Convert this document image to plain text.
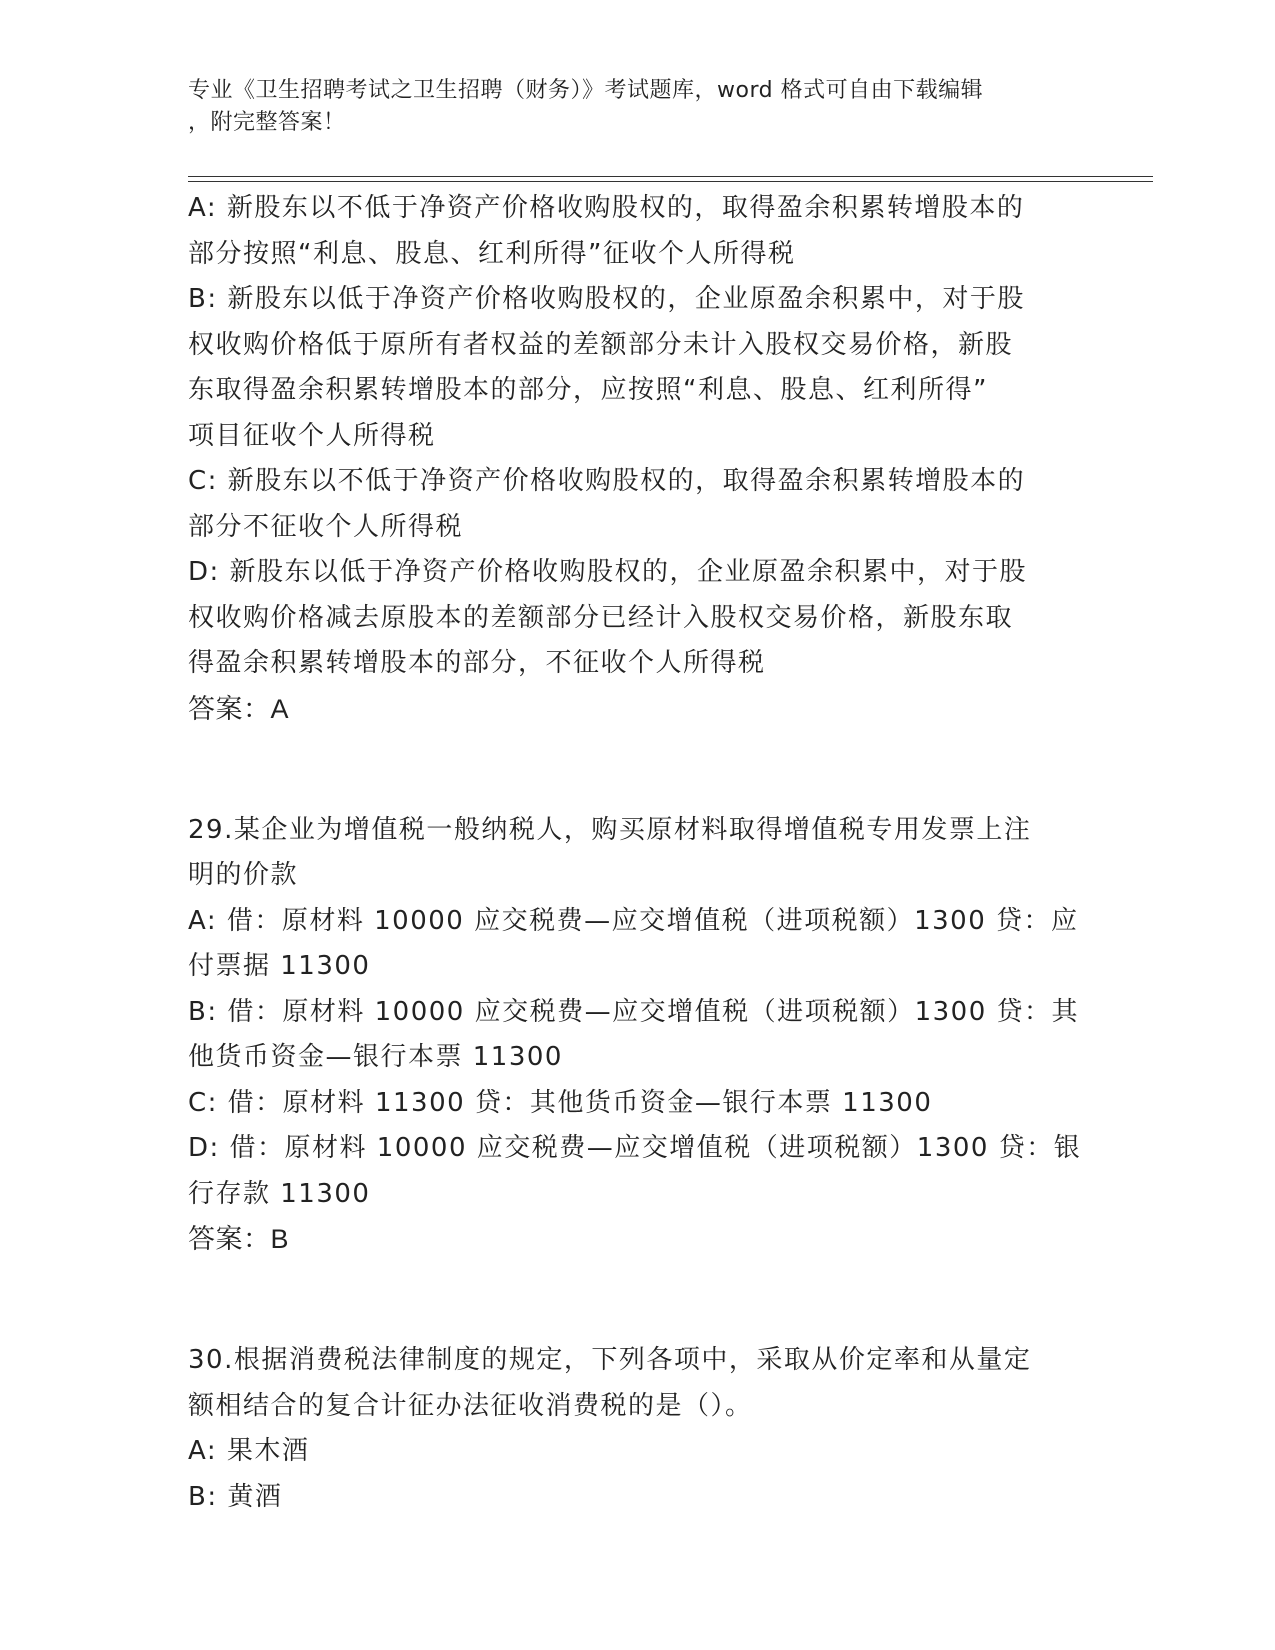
专业《卫生招聘考试之卫生招聘（财务）》考试题库，word 格式可自由下载编辑
，附完整答案！

A: 新股东以不低于净资产价格收购股权的，取得盈余积累转增股本的

部分按照“利息、股息、红利所得”征收个人所得税

B: 新股东以低于净资产价格收购股权的，企业原盈余积累中，对于股

权收购价格低于原所有者权益的差额部分未计入股权交易价格，新股

东取得盈余积累转增股本的部分，应按照“利息、股息、红利所得”

项目征收个人所得税

C: 新股东以不低于净资产价格收购股权的，取得盈余积累转增股本的

部分不征收个人所得税

D: 新股东以低于净资产价格收购股权的，企业原盈余积累中，对于股

权收购价格减去原股本的差额部分已经计入股权交易价格，新股东取

得盈余积累转增股本的部分，不征收个人所得税

答案：A

29.某企业为增值税一般纳税人，购买原材料取得增值税专用发票上注

明的价款

A: 借：原材料 10000 应交税费—应交增值税（进项税额）1300 贷：应

付票据 11300

B: 借：原材料 10000 应交税费—应交增值税（进项税额）1300 贷：其

他货币资金—银行本票 11300

C: 借：原材料 11300 贷：其他货币资金—银行本票 11300

D: 借：原材料 10000 应交税费—应交增值税（进项税额）1300 贷：银

行存款 11300

答案：B

30.根据消费税法律制度的规定，下列各项中，采取从价定率和从量定

额相结合的复合计征办法征收消费税的是（）。

A: 果木酒

B: 黄酒
